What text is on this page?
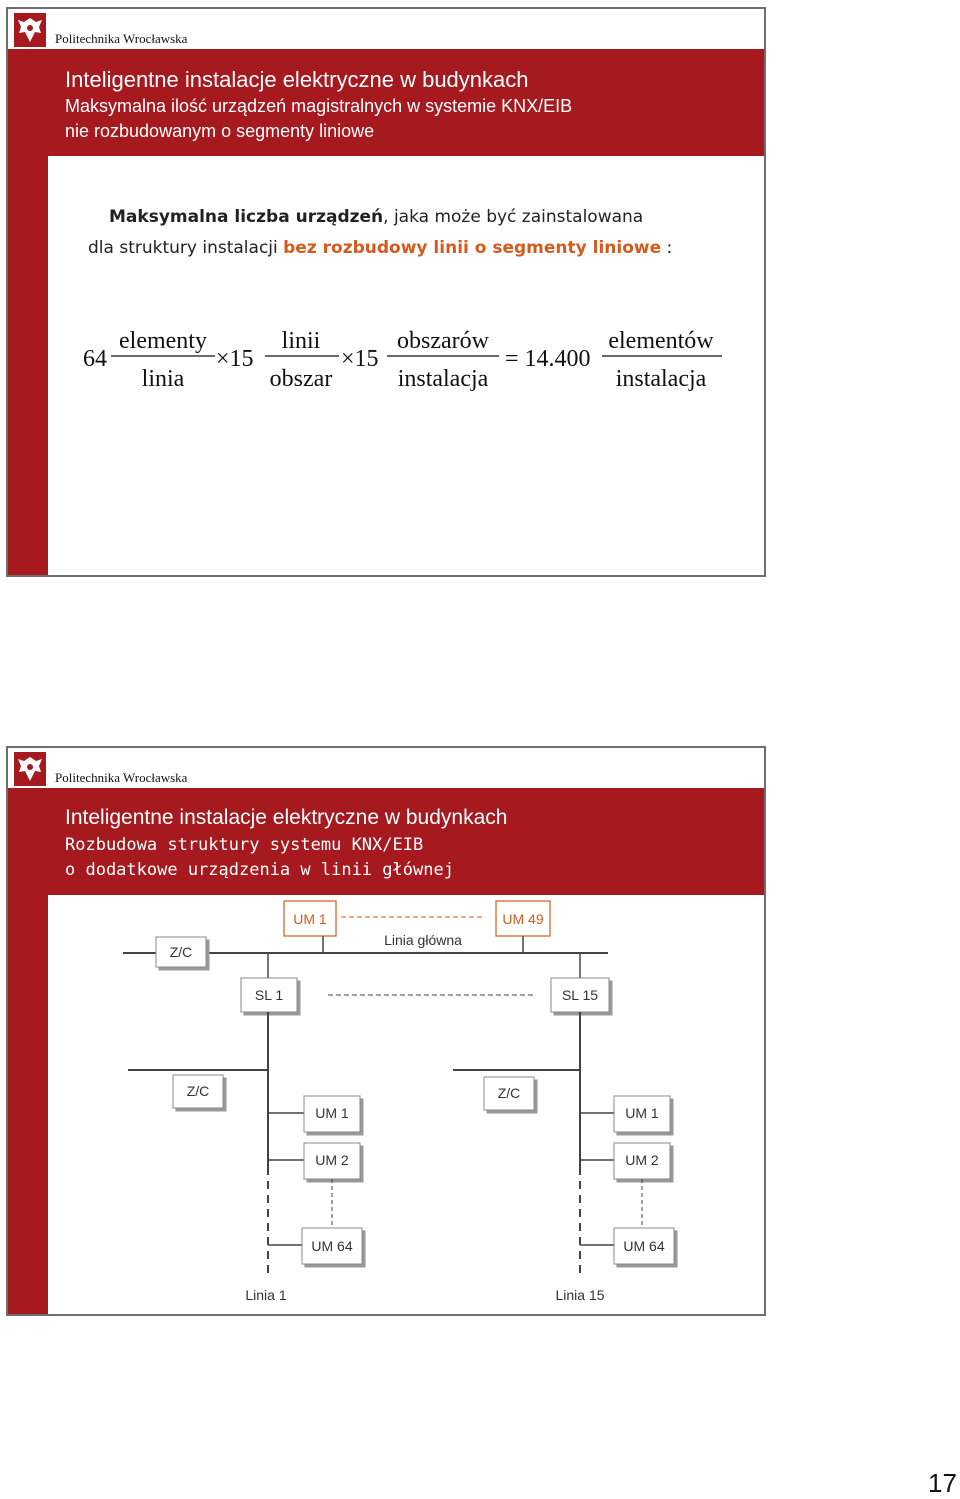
Politechnika Wrocławska
Inteligentne instalacje elektryczne w budynkach
Maksymalna ilość urządzeń magistralnych w systemie KNX/EIB
nie rozbudowanym o segmenty liniowe
Maksymalna liczba urządzeń, jaka może być zainstalowana
dla struktury instalacji bez rozbudowy linii o segmenty liniowe :
64
elementy
linia
×15
linii
obszar
×15
obszarów
instalacja
= 14.400
elementów
instalacja
Politechnika Wrocławska
Inteligentne instalacje elektryczne w budynkach
Rozbudowa struktury systemu KNX/EIB
o dodatkowe urządzenia w linii głównej
UM 1	UM 49
Linia główna
Z/C
SL 1	SL 15
Z/C
UM 1
UM 2
UM 64
Linia 1
Z/C
UM 1
UM 2
UM 64
Linia 15
17
